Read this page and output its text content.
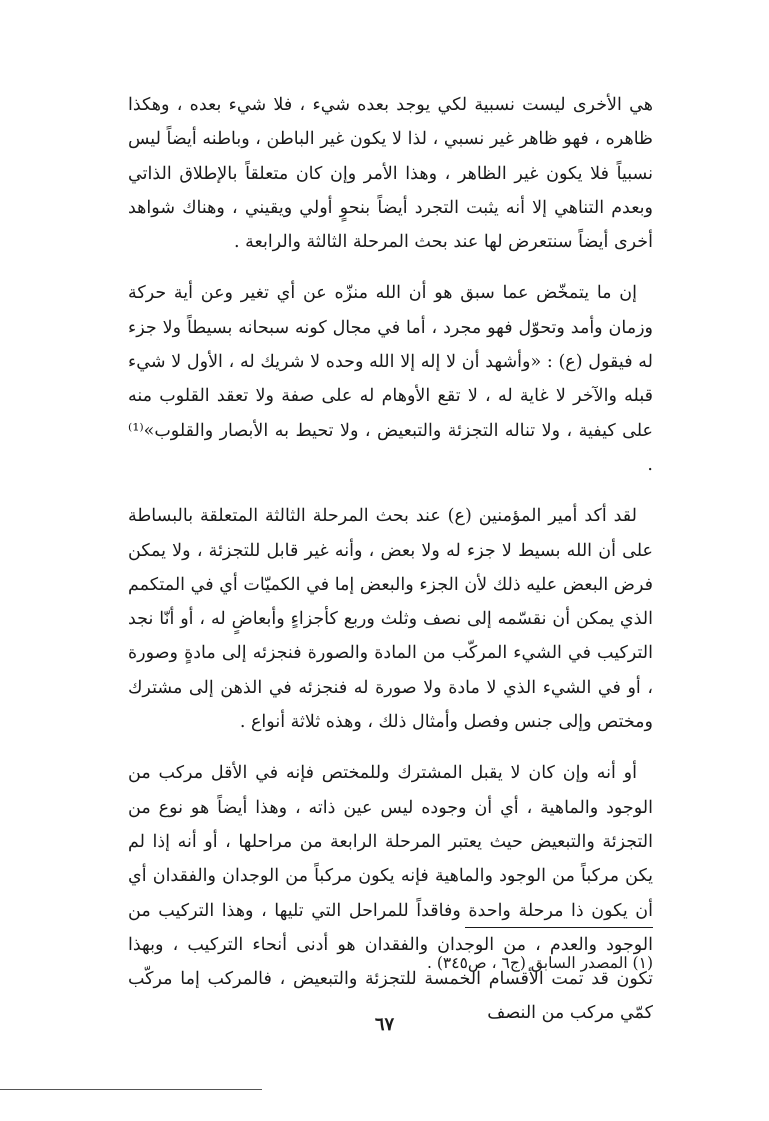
هي الأخرى ليست نسبية لكي يوجد بعده شيء ، فلا شيء بعده ، وهكذا ظاهره ، فهو ظاهر غير نسبي ، لذا لا يكون غير الباطن ، وباطنه أيضاً ليس نسبياً فلا يكون غير الظاهر ، وهذا الأمر وإن كان متعلقاً بالإطلاق الذاتي وبعدم التناهي إلا أنه يثبت التجرد أيضاً بنحوٍ أولي ويقيني ، وهناك شواهد أخرى أيضاً سنتعرض لها عند بحث المرحلة الثالثة والرابعة .

إن ما يتمخّض عما سبق هو أن الله منزّه عن أي تغير وعن أية حركة وزمان وأمد وتحوّل فهو مجرد ، أما في مجال كونه سبحانه بسيطاً ولا جزء له فيقول (ع) : «وأشهد أن لا إله إلا الله وحده لا شريك له ، الأول لا شيء قبله والآخر لا غاية له ، لا تقع الأوهام له على صفة ولا تعقد القلوب منه على كيفية ، ولا تناله التجزئة والتبعيض ، ولا تحيط به الأبصار والقلوب»⁽¹⁾ .

لقد أكد أمير المؤمنين (ع) عند بحث المرحلة الثالثة المتعلقة بالبساطة على أن الله بسيط لا جزء له ولا بعض ، وأنه غير قابل للتجزئة ، ولا يمكن فرض البعض عليه ذلك لأن الجزء والبعض إما في الكميّات أي في المتكمم الذي يمكن أن نقسّمه إلى نصف وثلث وربع كأجزاءٍ وأبعاضٍ له ، أو أنّا نجد التركيب في الشيء المركّب من المادة والصورة فنجزئه إلى مادةٍ وصورة ، أو في الشيء الذي لا مادة ولا صورة له فنجزئه في الذهن إلى مشترك ومختص وإلى جنس وفصل وأمثال ذلك ، وهذه ثلاثة أنواع .

أو أنه وإن كان لا يقبل المشترك وللمختص فإنه في الأقل مركب من الوجود والماهية ، أي أن وجوده ليس عين ذاته ، وهذا أيضاً هو نوع من التجزئة والتبعيض حيث يعتبر المرحلة الرابعة من مراحلها ، أو أنه إذا لم يكن مركباً من الوجود والماهية فإنه يكون مركباً من الوجدان والفقدان أي أن يكون ذا مرحلة واحدة وفاقداً للمراحل التي تليها ، وهذا التركيب من الوجود والعدم ، من الوجدان والفقدان هو أدنى أنحاء التركيب ، وبهذا تكون قد تمت الأقسام الخمسة للتجزئة والتبعيض ، فالمركب إما مركّب كمّي مركب من النصف

(١) المصدر السابق (ج٦ ، ص٣٤٥) .
٦٧
